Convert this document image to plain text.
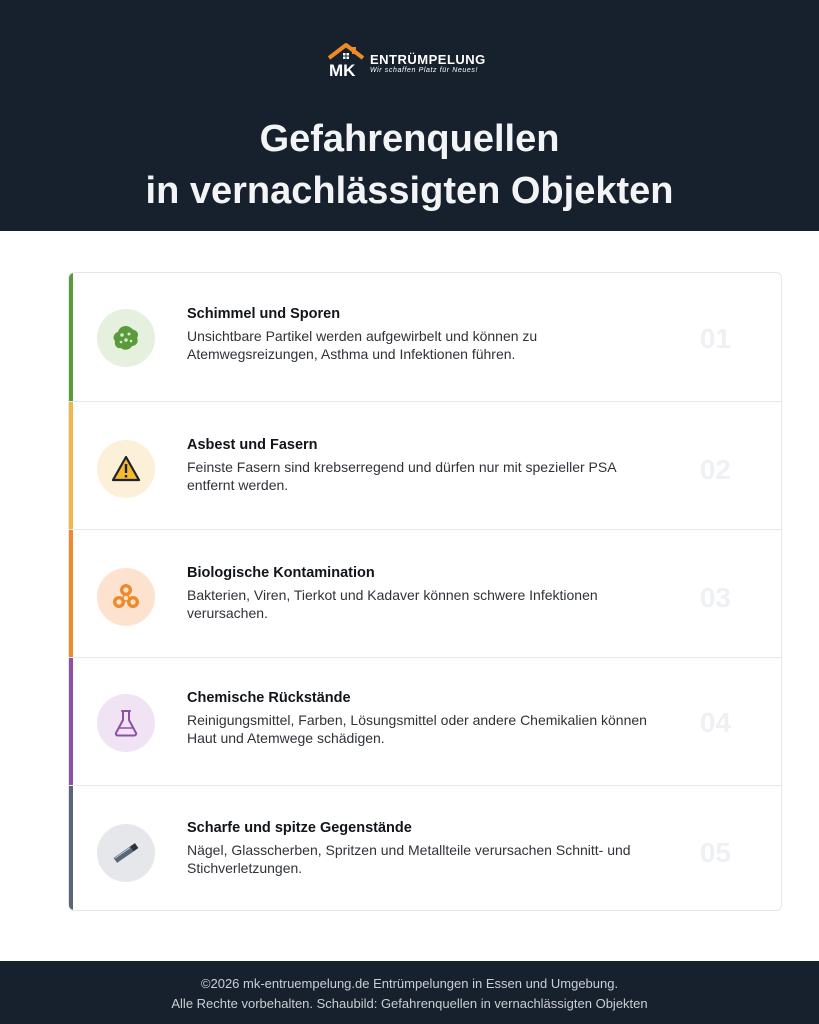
MK
ENTRÜMPELUNG
Wir schaffen Platz für Neues!
Gefahrenquellen
in vernachlässigten Objekten
Schimmel und Sporen
Unsichtbare Partikel werden aufgewirbelt und können zu Atemwegsreizungen, Asthma und Infektionen führen.	01
Asbest und Fasern
Feinste Fasern sind krebserregend und dürfen nur mit spezieller PSA entfernt werden.	02
Biologische Kontamination
Bakterien, Viren, Tierkot und Kadaver können schwere Infektionen verursachen.	03
Chemische Rückstände
Reinigungsmittel, Farben, Lösungsmittel oder andere Chemikalien können Haut und Atemwege schädigen.	04
Scharfe und spitze Gegenstände
Nägel, Glasscherben, Spritzen und Metallteile verursachen Schnitt- und Stichverletzungen.	05
©2026 mk-entruempelung.de Entrümpelungen in Essen und Umgebung.
Alle Rechte vorbehalten. Schaubild: Gefahrenquellen in vernachlässigten Objekten
